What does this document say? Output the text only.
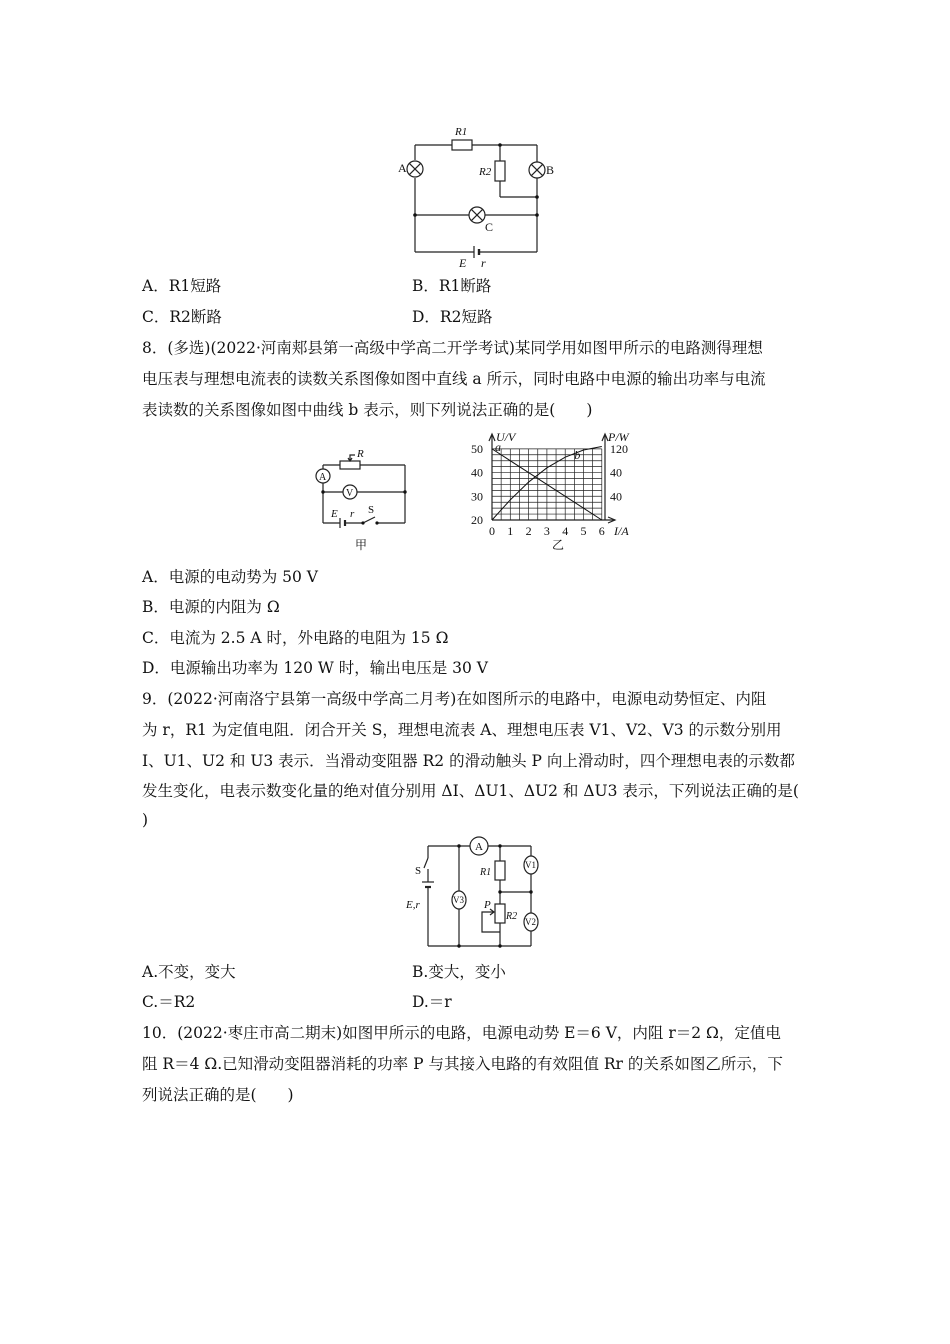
R1
R2
A	B
C
E r
A．R1短路	B．R1断路
C．R2断路	D．R2短路
8．(多选)(2022·河南郏县第一高级中学高二开学考试)某同学用如图甲所示的电路测得理想
电压表与理想电流表的读数关系图像如图中直线 a 所示，同时电路中电源的输出功率与电流
表读数的关系图像如图中曲线 b 表示，则下列说法正确的是(　　)
A
V
R
E r S
甲
0 1 2 3 4 5 6
20
30
40
50
40
40
120
a
b
U/V	P/W
I/A
乙
A．电源的电动势为 50 V
B．电源的内阻为 Ω
C．电流为 2.5 A 时，外电路的电阻为 15 Ω
D．电源输出功率为 120 W 时，输出电压是 30 V
9．(2022·河南洛宁县第一高级中学高二月考)在如图所示的电路中，电源电动势恒定、内阻
为 r，R1 为定值电阻．闭合开关 S，理想电流表 A、理想电压表 V1、V2、V3 的示数分别用
I、U1、U2 和 U3 表示．当滑动变阻器 R2 的滑动触头 P 向上滑动时，四个理想电表的示数都
发生变化，电表示数变化量的绝对值分别用 ΔI、ΔU1、ΔU2 和 ΔU3 表示，下列说法正确的是(
)
A
S
E,r	V3
V1
V2
R1
R2
P
A.不变，变大	B.变大，变小
C.＝R2	D.＝r
10．(2022·枣庄市高二期末)如图甲所示的电路，电源电动势 E＝6 V，内阻 r＝2 Ω，定值电
阻 R＝4 Ω.已知滑动变阻器消耗的功率 P 与其接入电路的有效阻值 Rr 的关系如图乙所示，下
列说法正确的是(　　)
